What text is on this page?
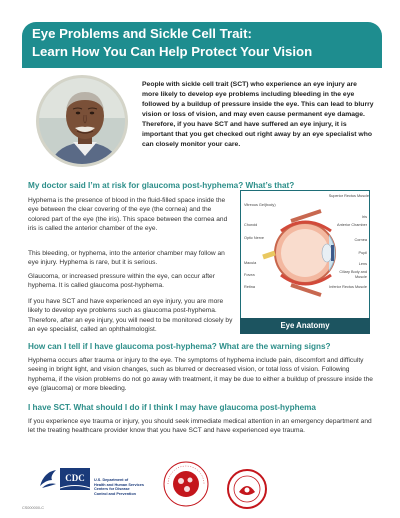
Eye Problems and Sickle Cell Trait:
Learn How You Can Help Protect Your Vision
People with sickle cell trait (SCT) who experience an eye injury are more likely to develop eye problems including bleeding in the eye followed by a buildup of pressure inside the eye. This can lead to blurry vision or loss of vision, and may even cause permanent eye damage. Therefore, if you have SCT and have suffered an eye injury, it is important that you get checked out right away by an eye specialist who can closely monitor your care.
My doctor said I’m at risk for glaucoma post-hyphema? What’s that?
Hyphema is the presence of blood in the fluid-filled space inside the eye between the clear covering of the eye (the cornea) and the colored part of the eye (the iris). This space between the cornea and iris is called the anterior chamber of the eye.
This bleeding, or hyphema, into the anterior chamber may follow an eye injury. Hyphema is rare, but it is serious.
Glaucoma, or increased pressure within the eye, can occur after hyphema. It is called glaucoma post-hyphema.
If you have SCT and have experienced an eye injury, you are more likely to develop eye problems such as glaucoma post-hyphema. Therefore, after an eye injury, you will need to be monitored closely by an eye specialist, called an ophthalmologist.
Vitreous Gel(body)
Choroid
Optic Nerve
Macula
Fovea
Retina
Superior Rectus Muscle
Iris
Anterior Chamber
Cornea
Pupil
Lens
Ciliary Body and Muscle
Inferior Rectus Muscle
Eye Anatomy
How can I tell if I have glaucoma post-hyphema? What are the warning signs?
Hyphema occurs after trauma or injury to the eye. The symptoms of hyphema include pain, discomfort and difficulty seeing in bright light, and vision changes, such as blurred or decreased vision, or total loss of vision. Following hyphema, if the vision problems do not go away with treatment, it may be due to either a buildup of pressure inside the eye (glaucoma) or more bleeding.
I have SCT. What should I do if I think I may have glaucoma post-hyphema
If you experience eye trauma or injury, you should seek immediate medical attention in an emergency department and let the treating healthcare provider know that you have SCT and have experienced eye trauma.
CDC	U.S. Department of
Health and Human Services
Centers for Disease
Control and Prevention
CS000000-C
